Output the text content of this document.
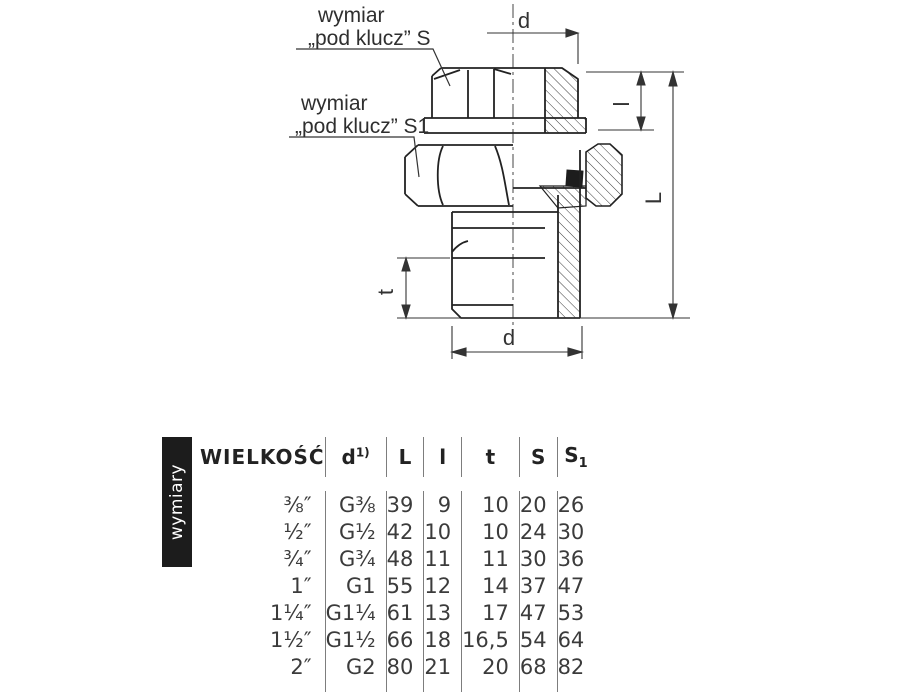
d
l
L
t
d
wymiar
„pod klucz” S
wymiar
„pod klucz” S1
wymiary
WIELKOŚĆ	$d^{1)}$	L	l	t	S	$S_1$

⅜″	G⅜	39	9	10	20	26
½″	G½	42	10	10	24	30
¾″	G¾	48	11	11	30	36
1″	G1	55	12	14	37	47
1¼″	G1¼	61	13	17	47	53
1½″	G1½	66	18	16,5	54	64
2″	G2	80	21	20	68	82
